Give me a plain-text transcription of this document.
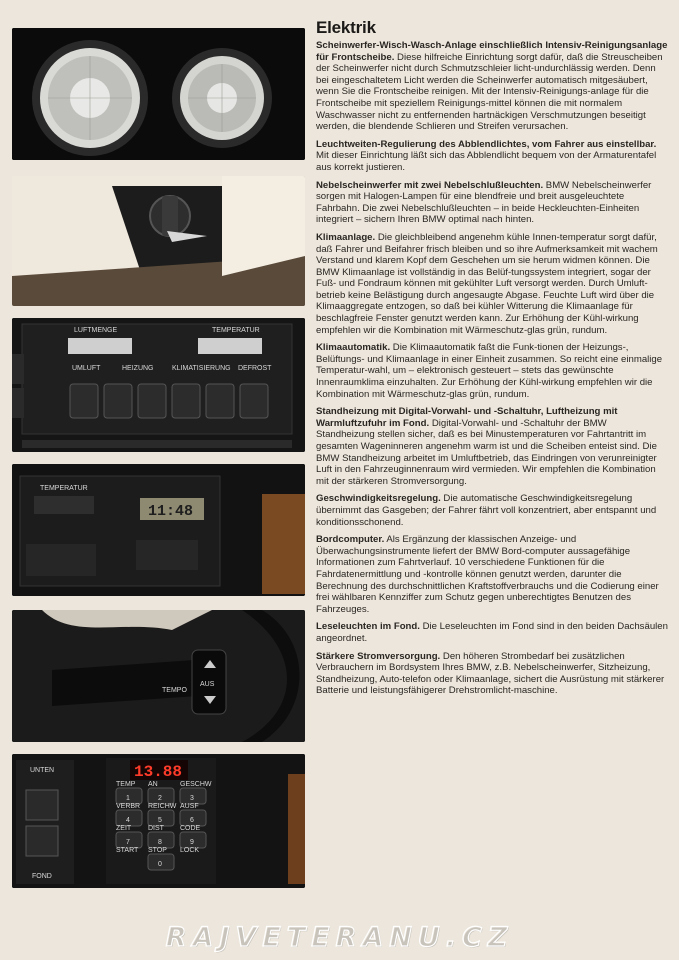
LUFTMENGE	TEMPERATUR
UMLUFT	HEIZUNG	KLIMATISIERUNG DEFROST
TEMPERATUR
11:48
TEMPO
AUS
UNTEN
FOND
13.88
1	2	3
4	5	6
7	8	9
0
TEMP AN	GESCHW
VERBR REICHW AUSF
ZEIT DIST CODE
START STOP LOCK
Elektrik

Scheinwerfer-Wisch-Wasch-Anlage einschließlich Intensiv-Reinigungsanlage für Frontscheibe. Diese hilfreiche Einrichtung sorgt dafür, daß die Streuscheiben der Scheinwerfer nicht durch Schmutzschleier licht-undurchlässig werden. Denn bei eingeschaltetem Licht werden die Scheinwerfer automatisch mitgesäubert, wenn Sie die Frontscheibe reinigen. Mit der Intensiv-Reinigungs-anlage für die Frontscheibe mit speziellem Reinigungs-mittel können die mit normalem Waschwasser nicht zu entfernenden hartnäckigen Verschmutzungen beseitigt werden, die blendende Schlieren und Streifen verursachen.

Leuchtweiten-Regulierung des Abblendlichtes, vom Fahrer aus einstellbar. Mit dieser Einrichtung läßt sich das Abblendlicht bequem von der Armaturentafel aus korrekt justieren.

Nebelscheinwerfer mit zwei Nebelschlußleuchten. BMW Nebelscheinwerfer sorgen mit Halogen-Lampen für eine blendfreie und breit ausgeleuchtete Fahrbahn. Die zwei Nebelschlußleuchten – in beide Heckleuchten-Einheiten integriert – sichern Ihren BMW optimal nach hinten.

Klimaanlage. Die gleichbleibend angenehm kühle Innen-temperatur sorgt dafür, daß Fahrer und Beifahrer frisch bleiben und so ihre Aufmerksamkeit mit wachem Verstand und klarem Kopf dem Geschehen um sie herum widmen können. Die BMW Klimaanlage ist vollständig in das Belüf-tungssystem integriert, sogar der Fuß- und Fondraum können mit gekühlter Luft versorgt werden. Durch Umluft-betrieb keine Belästigung durch angesaugte Abgase. Feuchte Luft wird über die Klimaaggregate entzogen, so daß bei kühler Witterung die Klimaanlage für beschlagfreie Fenster genutzt werden kann. Zur Erhöhung der Kühl-wirkung empfehlen wir die Kombination mit Wärmeschutz-glas grün, rundum.

Klimaautomatik. Die Klimaautomatik faßt die Funk-tionen der Heizungs-, Belüftungs- und Klimaanlage in einer Einheit zusammen. So reicht eine einmalige Temperatur-wahl, um – elektronisch gesteuert – stets das gewünschte Innenraumklima einzuhalten. Zur Erhöhung der Kühl-wirkung empfehlen wir die Kombination mit Wärmeschutz-glas grün, rundum.

Standheizung mit Digital-Vorwahl- und -Schaltuhr, Luftheizung mit Warmluftzufuhr im Fond. Digital-Vorwahl- und -Schaltuhr der BMW Standheizung stellen sicher, daß es bei Minustemperaturen vor Fahrtantritt im gesamten Wageninneren angenehm warm ist und die Scheiben enteist sind. Die BMW Standheizung arbeitet im Umluftbetrieb, das Eindringen von verunreinigter Luft in den Fahrzeuginnenraum wird vermieden. Wir empfehlen die Kombination mit der stärkeren Stromversorgung.

Geschwindigkeitsregelung. Die automatische Geschwindigkeitsregelung übernimmt das Gasgeben; der Fahrer fährt voll konzentriert, aber entspannt und konditionsschonend.

Bordcomputer. Als Ergänzung der klassischen Anzeige- und Überwachungsinstrumente liefert der BMW Bord-computer aussagefähige Informationen zum Fahrtverlauf. 10 verschiedene Funktionen für die Fahrdatenermittlung und -kontrolle können genutzt werden, darunter die Berechnung des durchschnittlichen Kraftstoffverbrauchs und die Codierung einer frei wählbaren Kennziffer zum Schutz gegen unberechtigtes Benutzen des Fahrzeuges.

Leseleuchten im Fond. Die Leseleuchten im Fond sind in den beiden Dachsäulen angeordnet.

Stärkere Stromversorgung. Den höheren Strombedarf bei zusätzlichen Verbrauchern im Bordsystem Ihres BMW, z.B. Nebelscheinwerfer, Sitzheizung, Standheizung, Auto-telefon oder Klimaanlage, sichert die Ausrüstung mit stärkerer Batterie und leistungsfähigerer Drehstromlicht-maschine.

RAJVETERANU.CZ
